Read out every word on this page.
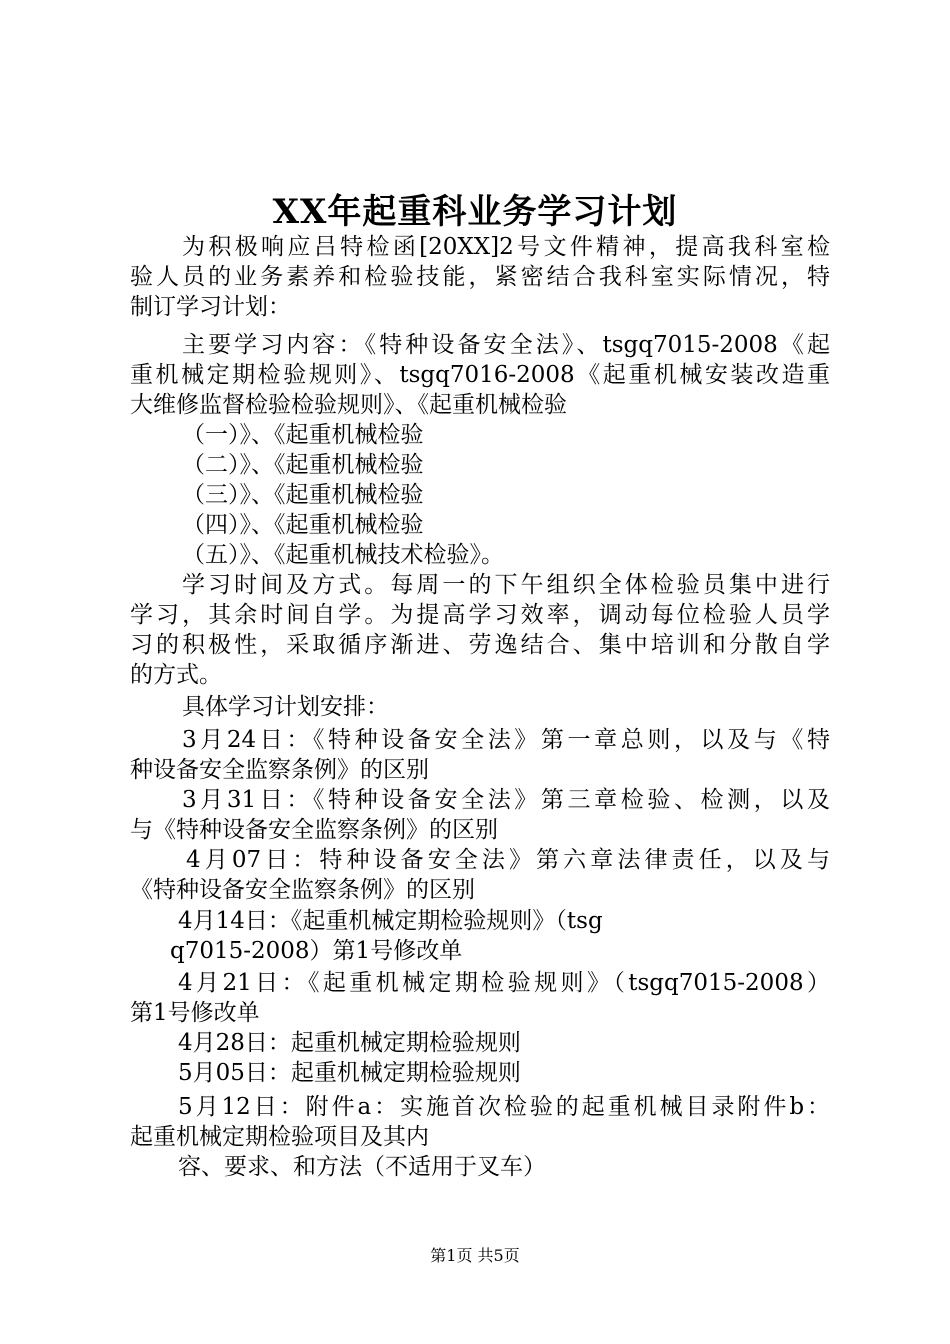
XX年起重科业务学习计划
为积极响应吕特检函[20XX]2号文件精神，提高我科室检
验人员的业务素养和检验技能，紧密结合我科室实际情况，特
制订学习计划：
主要学习内容：《特种设备安全法》、tsgq7015-2008《起
重机械定期检验规则》、tsgq7016-2008《起重机械安装改造重
大维修监督检验检验规则》、《起重机械检验
（一）》、《起重机械检验
（二）》、《起重机械检验
（三）》、《起重机械检验
（四）》、《起重机械检验
（五）》、《起重机械技术检验》。
学习时间及方式。每周一的下午组织全体检验员集中进行
学习，其余时间自学。为提高学习效率，调动每位检验人员学
习的积极性，采取循序渐进、劳逸结合、集中培训和分散自学
的方式。
具体学习计划安排：
3月24日：《特种设备安全法》第一章总则，以及与《特
种设备安全监察条例》的区别
3月31日：《特种设备安全法》第三章检验、检测，以及
与《特种设备安全监察条例》的区别
4月07日：特种设备安全法》第六章法律责任，以及与
《特种设备安全监察条例》的区别
4月14日：《起重机械定期检验规则》（tsg
q7015-2008）第1号修改单
4月21日：《起重机械定期检验规则》（tsgq7015-2008）
第1号修改单
4月28日：起重机械定期检验规则
5月05日：起重机械定期检验规则
5月12日：附件a：实施首次检验的起重机械目录附件b：
起重机械定期检验项目及其内
容、要求、和方法（不适用于叉车）
第1页 共5页
